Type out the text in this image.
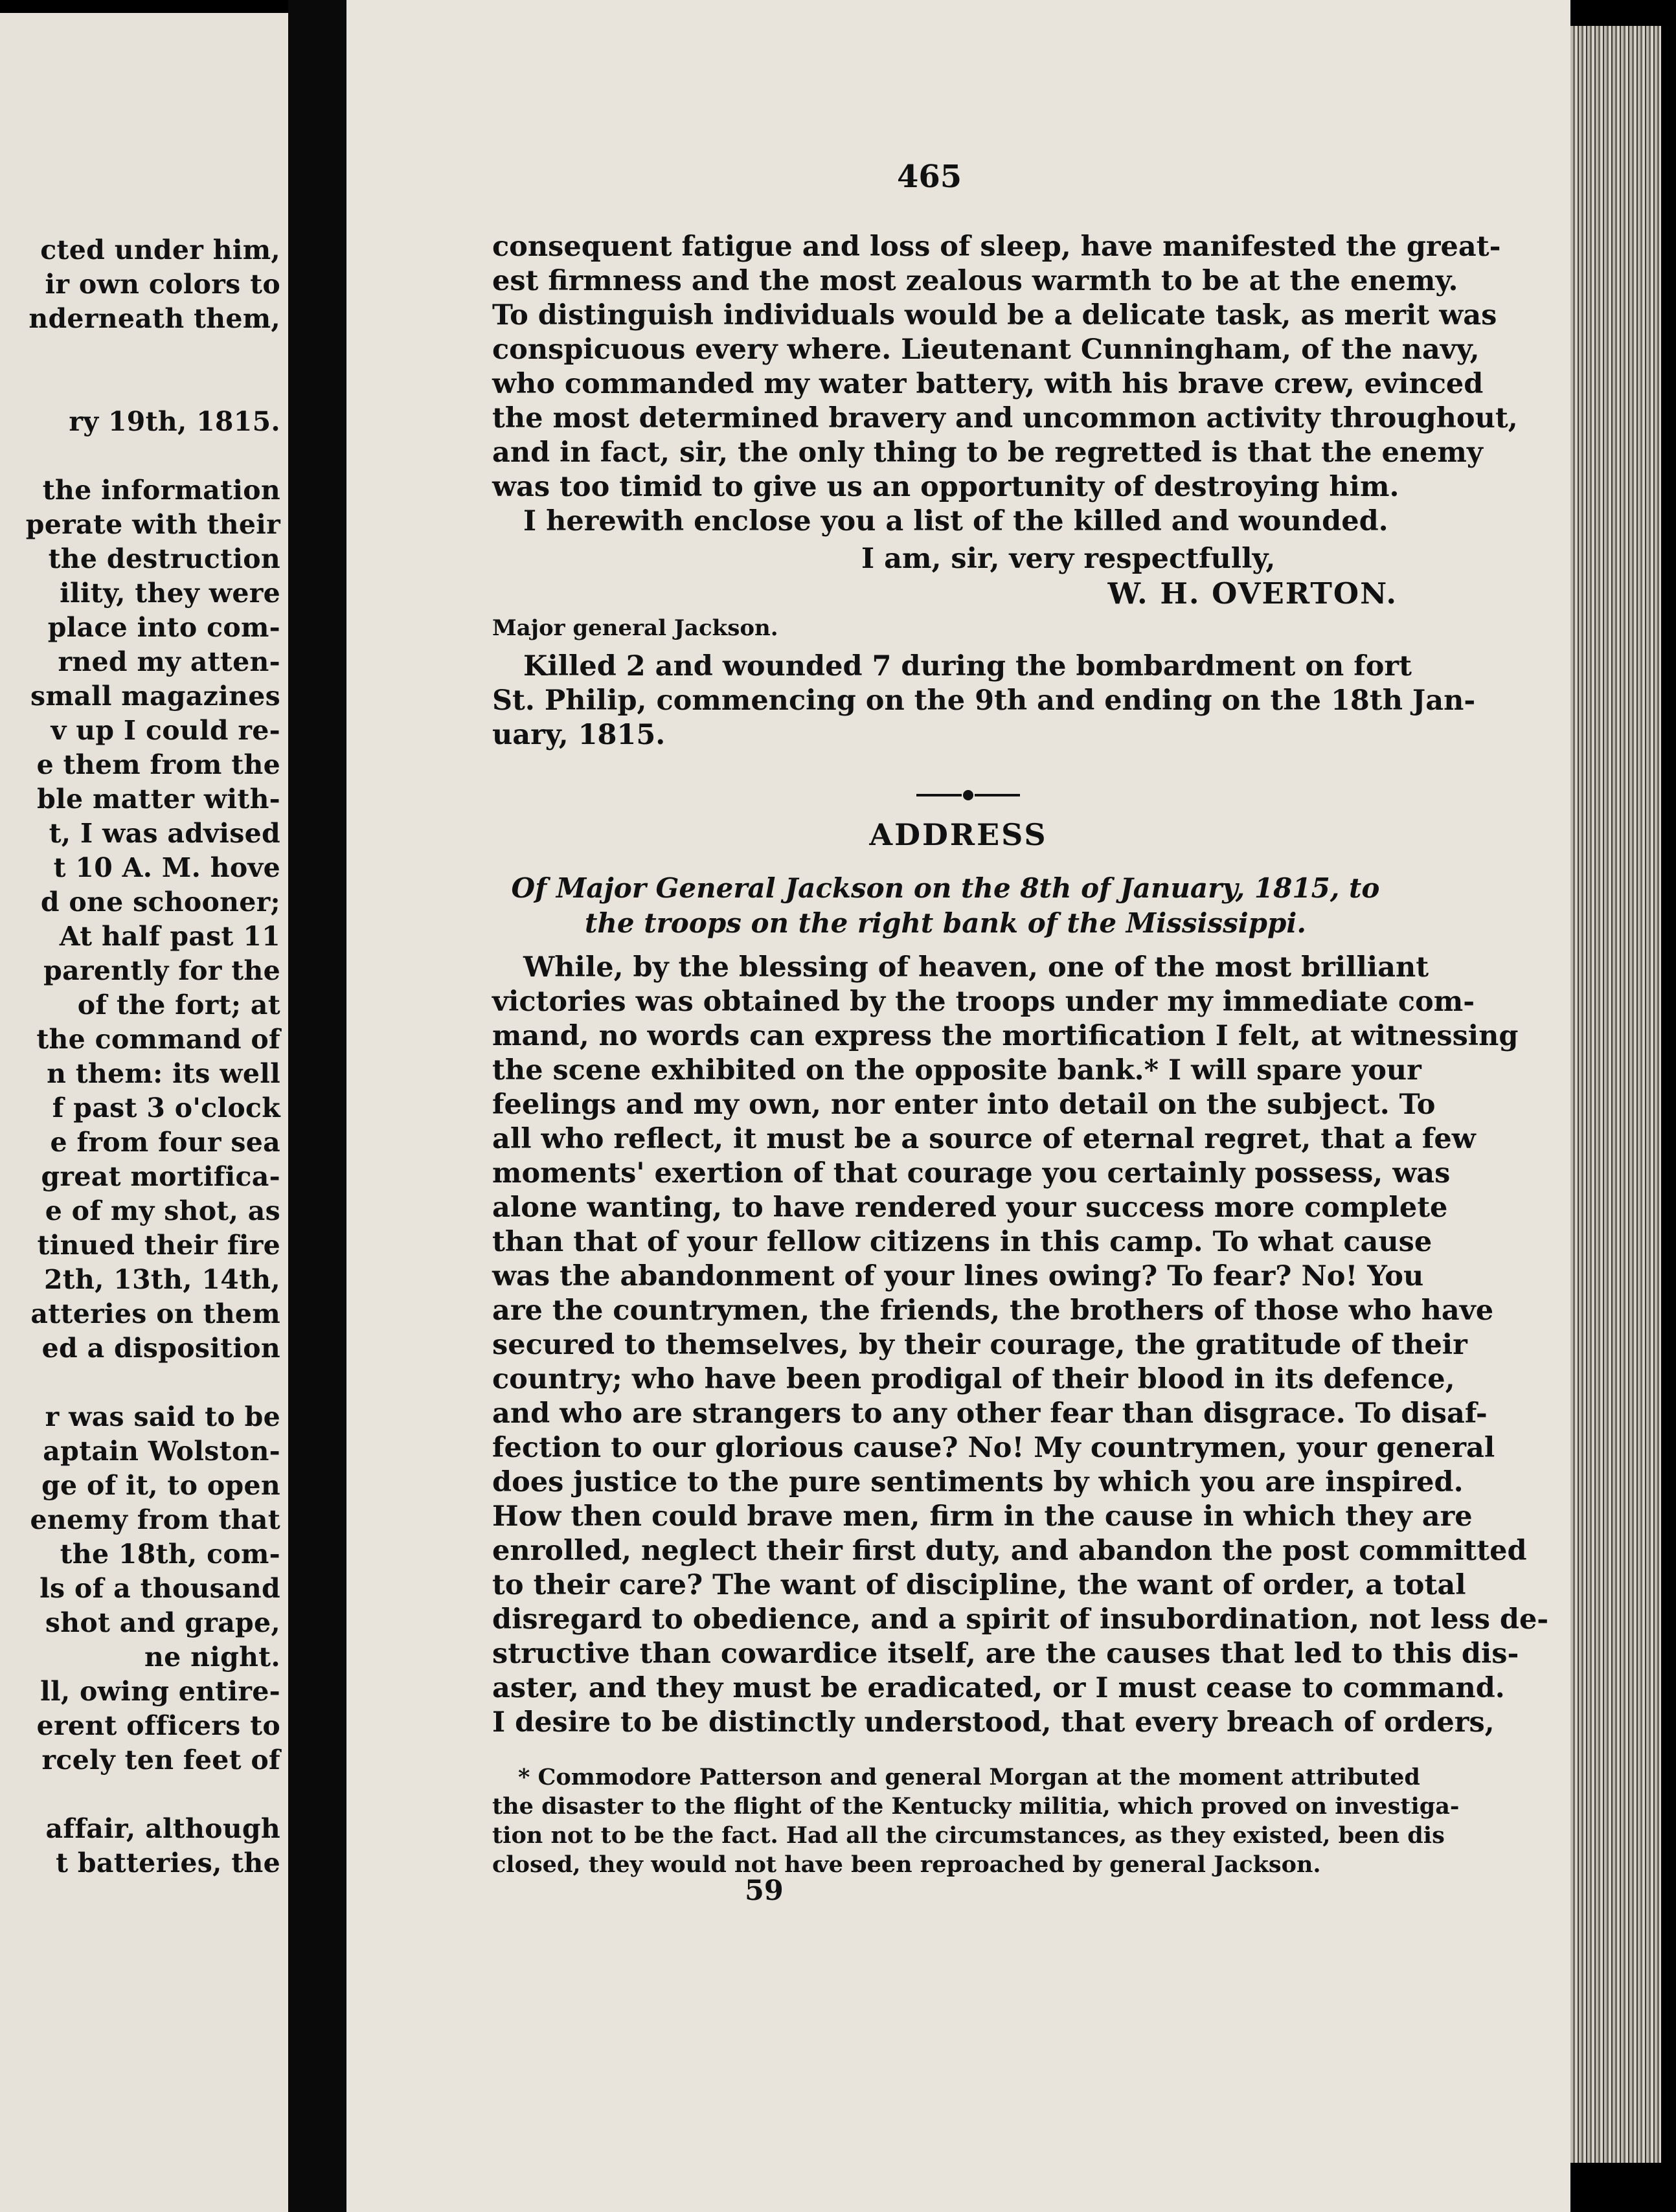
cted under him,
ir own colors to
nderneath them,
ry 19th, 1815.
the information
perate with their
the destruction
ility, they were
place into com-
rned my atten-
small magazines
v up I could re-
e them from the
ble matter with-
t, I was advised
t 10 A. M. hove
d one schooner;
At half past 11
parently for the
of the fort; at
the command of
n them: its well
f past 3 o'clock
e from four sea
great mortifica-
e of my shot, as
tinued their fire
2th, 13th, 14th,
atteries on them
ed a disposition
r was said to be
aptain Wolston-
ge of it, to open
enemy from that
the 18th, com-
ls of a thousand
shot and grape,
ne night.
ll, owing entire-
erent officers to
rcely ten feet of
affair, although
t batteries, the
465
consequent fatigue and loss of sleep, have manifested the great-
est firmness and the most zealous warmth to be at the enemy.
To distinguish individuals would be a delicate task, as merit was
conspicuous every where. Lieutenant Cunningham, of the navy,
who commanded my water battery, with his brave crew, evinced
the most determined bravery and uncommon activity throughout,
and in fact, sir, the only thing to be regretted is that the enemy
was too timid to give us an opportunity of destroying him.
I herewith enclose you a list of the killed and wounded.
I am, sir, very respectfully,
W. H. OVERTON.
Major general Jackson.
Killed 2 and wounded 7 during the bombardment on fort
St. Philip, commencing on the 9th and ending on the 18th Jan-
uary, 1815.
ADDRESS
Of Major General Jackson on the 8th of January, 1815, to the troops on the right bank of the Mississippi.
While, by the blessing of heaven, one of the most brilliant
victories was obtained by the troops under my immediate com-
mand, no words can express the mortification I felt, at witnessing
the scene exhibited on the opposite bank.* I will spare your
feelings and my own, nor enter into detail on the subject. To
all who reflect, it must be a source of eternal regret, that a few
moments' exertion of that courage you certainly possess, was
alone wanting, to have rendered your success more complete
than that of your fellow citizens in this camp. To what cause
was the abandonment of your lines owing? To fear? No! You
are the countrymen, the friends, the brothers of those who have
secured to themselves, by their courage, the gratitude of their
country; who have been prodigal of their blood in its defence,
and who are strangers to any other fear than disgrace. To disaf-
fection to our glorious cause? No! My countrymen, your general
does justice to the pure sentiments by which you are inspired.
How then could brave men, firm in the cause in which they are
enrolled, neglect their first duty, and abandon the post committed
to their care? The want of discipline, the want of order, a total
disregard to obedience, and a spirit of insubordination, not less de-
structive than cowardice itself, are the causes that led to this dis-
aster, and they must be eradicated, or I must cease to command.
I desire to be distinctly understood, that every breach of orders,
* Commodore Patterson and general Morgan at the moment attributed
the disaster to the flight of the Kentucky militia, which proved on investiga-
tion not to be the fact. Had all the circumstances, as they existed, been dis
closed, they would not have been reproached by general Jackson.
59
